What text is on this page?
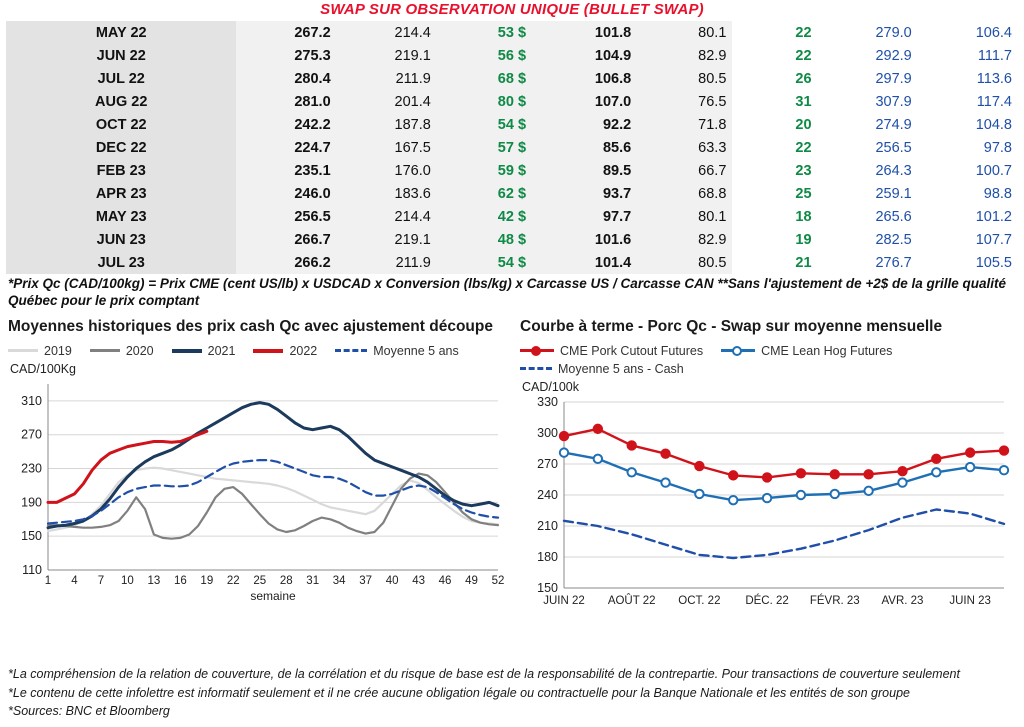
SWAP SUR OBSERVATION UNIQUE (BULLET SWAP)
MAY 22	267.2	214.4	53 $	101.8	80.1	22	279.0	106.4
JUN 22	275.3	219.1	56 $	104.9	82.9	22	292.9	111.7
JUL 22	280.4	211.9	68 $	106.8	80.5	26	297.9	113.6
AUG 22	281.0	201.4	80 $	107.0	76.5	31	307.9	117.4
OCT 22	242.2	187.8	54 $	92.2	71.8	20	274.9	104.8
DEC 22	224.7	167.5	57 $	85.6	63.3	22	256.5	97.8
FEB 23	235.1	176.0	59 $	89.5	66.7	23	264.3	100.7
APR 23	246.0	183.6	62 $	93.7	68.8	25	259.1	98.8
MAY 23	256.5	214.4	42 $	97.7	80.1	18	265.6	101.2
JUN 23	266.7	219.1	48 $	101.6	82.9	19	282.5	107.7
JUL 23	266.2	211.9	54 $	101.4	80.5	21	276.7	105.5
*Prix Qc (CAD/100kg) = Prix CME (cent US/lb) x USDCAD x Conversion (lbs/kg) x Carcasse US / Carcasse CAN **Sans l'ajustement de +2$ de la grille qualité
Québec pour le prix comptant
Moyennes historiques des prix cash Qc avec ajustement découpe
2019	2020	2021	2022	Moyenne 5 ans
CAD/100Kg
110
150
190
230
270
310
1 4 7 10 13 16 19 22 25 28 31 34 37 40 43 46 49 52
semaine
Courbe à terme - Porc Qc - Swap sur moyenne mensuelle
CME Pork Cutout Futures	CME Lean Hog Futures
Moyenne 5 ans - Cash
CAD/100k
150
180
210
240
270
300
330
JUIN 22 AOÛT 22 OCT. 22 DÉC. 22 FÉVR. 23 AVR. 23 JUIN 23
*La compréhension de la relation de couverture, de la corrélation et du risque de base est de la responsabilité de la contrepartie. Pour transactions de couverture seulement
*Le contenu de cette infolettre est informatif seulement et il ne crée aucune obligation légale ou contractuelle pour la Banque Nationale et les entités de son groupe
*Sources: BNC et Bloomberg
